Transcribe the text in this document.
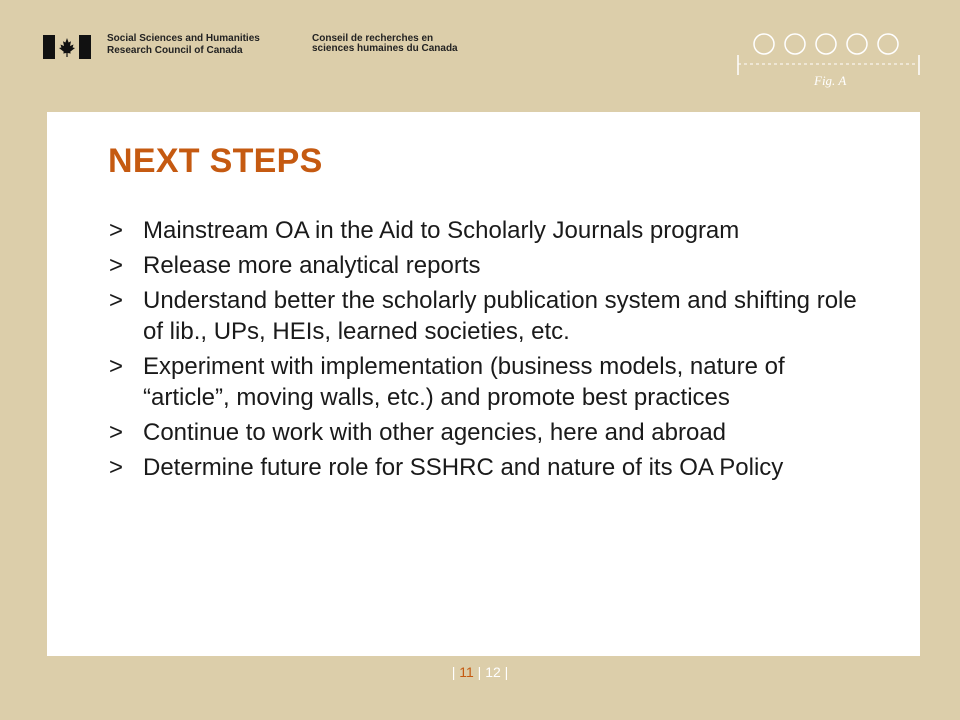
Social Sciences and Humanities
Research Council of Canada
Conseil de recherches en
sciences humaines du Canada
Fig. A
NEXT STEPS
> Mainstream OA in the Aid to Scholarly Journals program
> Release more analytical reports
> Understand better the scholarly publication system and shifting role of lib., UPs, HEIs, learned societies, etc.
> Experiment with implementation (business models, nature of “article”, moving walls, etc.) and promote best practices
> Continue to work with other agencies, here and abroad
> Determine future role for SSHRC and nature of its OA Policy
| 11 | 12 |
